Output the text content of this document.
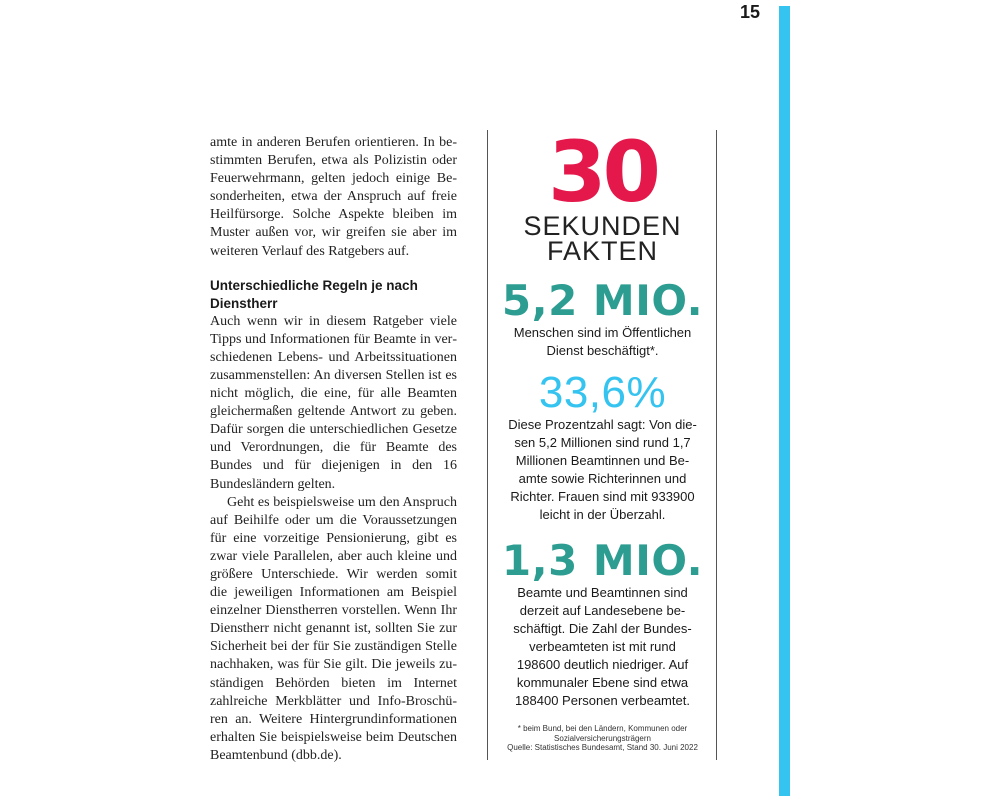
15

amte in anderen Berufen orientieren. In bestimmten Berufen, etwa als Polizistin oder Feuerwehrmann, gelten jedoch einige Besonderheiten, etwa der Anspruch auf freie Heilfürsorge. Solche Aspekte bleiben im Muster außen vor, wir greifen sie aber im weiteren Verlauf des Ratgebers auf.

Unterschiedliche Regeln je nach Dienstherr

Auch wenn wir in diesem Ratgeber viele Tipps und Informationen für Beamte in verschiedenen Lebens- und Arbeitssituationen zusammenstellen: An diversen Stellen ist es nicht möglich, die eine, für alle Beamten gleichermaßen geltende Antwort zu geben. Dafür sorgen die unterschiedlichen Gesetze und Verordnungen, die für Beamte des Bundes und für diejenigen in den 16 Bundesländern gelten.

Geht es beispielsweise um den Anspruch auf Beihilfe oder um die Voraussetzungen für eine vorzeitige Pensionierung, gibt es zwar viele Parallelen, aber auch kleine und größere Unterschiede. Wir werden somit die jeweiligen Informationen am Beispiel einzelner Dienstherren vorstellen. Wenn Ihr Dienstherr nicht genannt ist, sollten Sie zur Sicherheit bei der für Sie zuständigen Stelle nachhaken, was für Sie gilt. Die jeweils zuständigen Behörden bieten im Internet zahlreiche Merkblätter und Info-Broschüren an. Weitere Hintergrundinformationen erhalten Sie beispielsweise beim Deutschen Beamtenbund (dbb.de).

30
SEKUNDEN
FAKTEN
5,2 MIO.
Menschen sind im Öffentlichen
Dienst beschäftigt*.
33,6%
Diese Prozentzahl sagt: Von die-
sen 5,2 Millionen sind rund 1,7
Millionen Beamtinnen und Be-
amte sowie Richterinnen und
Richter. Frauen sind mit 933900
leicht in der Überzahl.
1,3 MIO.
Beamte und Beamtinnen sind
derzeit auf Landesebene be-
schäftigt. Die Zahl der Bundes-
verbeamteten ist mit rund
198600 deutlich niedriger. Auf
kommunaler Ebene sind etwa
188400 Personen verbeamtet.
* beim Bund, bei den Ländern, Kommunen oder
Sozialversicherungsträgern
Quelle: Statistisches Bundesamt, Stand 30. Juni 2022
